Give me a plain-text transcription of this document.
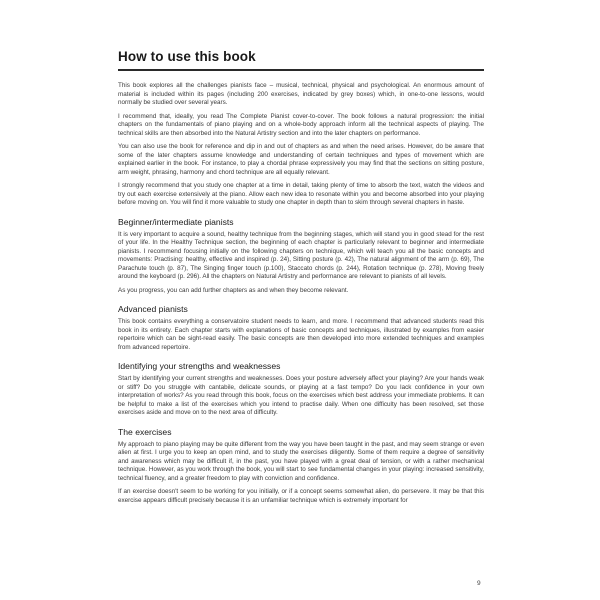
How to use this book

This book explores all the challenges pianists face – musical, technical, physical and psychological. An enormous amount of material is included within its pages (including 200 exercises, indicated by grey boxes) which, in one-to-one lessons, would normally be studied over several years.

I recommend that, ideally, you read The Complete Pianist cover-to-cover. The book follows a natural progression: the initial chapters on the fundamentals of piano playing and on a whole-body approach inform all the technical aspects of playing. The technical skills are then absorbed into the Natural Artistry section and into the later chapters on performance.

You can also use the book for reference and dip in and out of chapters as and when the need arises. However, do be aware that some of the later chapters assume knowledge and understanding of certain techniques and types of movement which are explained earlier in the book. For instance, to play a chordal phrase expressively you may find that the sections on sitting posture, arm weight, phrasing, harmony and chord technique are all equally relevant.

I strongly recommend that you study one chapter at a time in detail, taking plenty of time to absorb the text, watch the videos and try out each exercise extensively at the piano. Allow each new idea to resonate within you and become absorbed into your playing before moving on. You will find it more valuable to study one chapter in depth than to skim through several chapters in haste.

Beginner/intermediate pianists

It is very important to acquire a sound, healthy technique from the beginning stages, which will stand you in good stead for the rest of your life. In the Healthy Technique section, the beginning of each chapter is particularly relevant to beginner and intermediate pianists. I recommend focusing initially on the following chapters on technique, which will teach you all the basic concepts and movements: Practising: healthy, effective and inspired (p. 24), Sitting posture (p. 42), The natural alignment of the arm (p. 69), The Parachute touch (p. 87), The Singing finger touch (p.100), Staccato chords (p. 244), Rotation technique (p. 278), Moving freely around the keyboard (p. 296). All the chapters on Natural Artistry and performance are relevant to pianists of all levels.

As you progress, you can add further chapters as and when they become relevant.

Advanced pianists

This book contains everything a conservatoire student needs to learn, and more. I recommend that advanced students read this book in its entirety. Each chapter starts with explanations of basic concepts and techniques, illustrated by examples from easier repertoire which can be sight-read easily. The basic concepts are then developed into more extended techniques and examples from advanced repertoire.

Identifying your strengths and weaknesses

Start by identifying your current strengths and weaknesses. Does your posture adversely affect your playing? Are your hands weak or stiff? Do you struggle with cantabile, delicate sounds, or playing at a fast tempo? Do you lack confidence in your own interpretation of works? As you read through this book, focus on the exercises which best address your immediate problems. It can be helpful to make a list of the exercises which you intend to practise daily. When one difficulty has been resolved, set those exercises aside and move on to the next area of difficulty.

The exercises

My approach to piano playing may be quite different from the way you have been taught in the past, and may seem strange or even alien at first. I urge you to keep an open mind, and to study the exercises diligently. Some of them require a degree of sensitivity and awareness which may be difficult if, in the past, you have played with a great deal of tension, or with a rather mechanical technique. However, as you work through the book, you will start to see fundamental changes in your playing: increased sensitivity, technical fluency, and a greater freedom to play with conviction and confidence.

If an exercise doesn't seem to be working for you initially, or if a concept seems somewhat alien, do persevere. It may be that this exercise appears difficult precisely because it is an unfamiliar technique which is extremely important for

9
